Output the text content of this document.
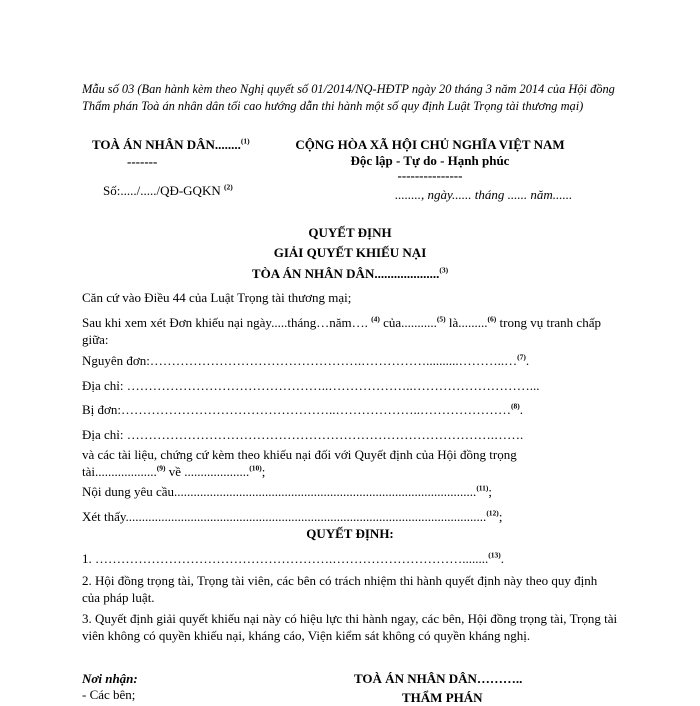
Mẫu số 03 (Ban hành kèm theo Nghị quyết số 01/2014/NQ-HĐTP ngày 20 tháng 3 năm 2014 của Hội đồng Thẩm phán Toà án nhân dân tối cao hướng dẫn thi hành một số quy định Luật Trọng tài thương mại)
TOÀ ÁN NHÂN DÂN........$^{(1)}$
-------
Số:...../...../QĐ-GQKN $^{(2)}$
CỘNG HÒA XÃ HỘI CHỦ NGHĨA VIỆT NAM
Độc lập - Tự do - Hạnh phúc
---------------
........, ngày...... tháng ...... năm......
QUYẾT ĐỊNH
GIẢI QUYẾT KHIẾU NẠI
TÒA ÁN NHÂN DÂN....................$^{(3)}$
Căn cứ vào Điều 44 của Luật Trọng tài thương mại;
Sau khi xem xét Đơn khiếu nại ngày.....tháng…năm…. $^{(4)}$ của...........$^{(5)}$ là.........$^{(6)}$ trong vụ tranh chấp giữa:
Nguyên đơn:………………………………………….……………..........………..…$^{(7)}$.
Địa chỉ: ………………………………………..………………..………………………...
Bị đơn:…………………………………………..………………..…………………$^{(8)}$.
Địa chỉ: ………………………………………………………………………….…….
và các tài liệu, chứng cứ kèm theo khiếu nại đối với Quyết định của Hội đồng trọng tài...................$^{(9)}$ về ....................$^{(10)}$;
Nội dung yêu cầu.............................................................................................$^{(11)}$;
Xét thấy...............................................................................................................$^{(12)}$;
QUYẾT ĐỊNH:
1. ……………………………………………….…………………………........$^{(13)}$.
2. Hội đồng trọng tài, Trọng tài viên, các bên có trách nhiệm thi hành quyết định này theo quy định của pháp luật.
3. Quyết định giải quyết khiếu nại này có hiệu lực thi hành ngay, các bên, Hội đồng trọng tài, Trọng tài viên không có quyền khiếu nại, kháng cáo, Viện kiểm sát không có quyền kháng nghị.
Nơi nhận:
- Các bên;
TOÀ ÁN NHÂN DÂN………..
THẨM PHÁN
